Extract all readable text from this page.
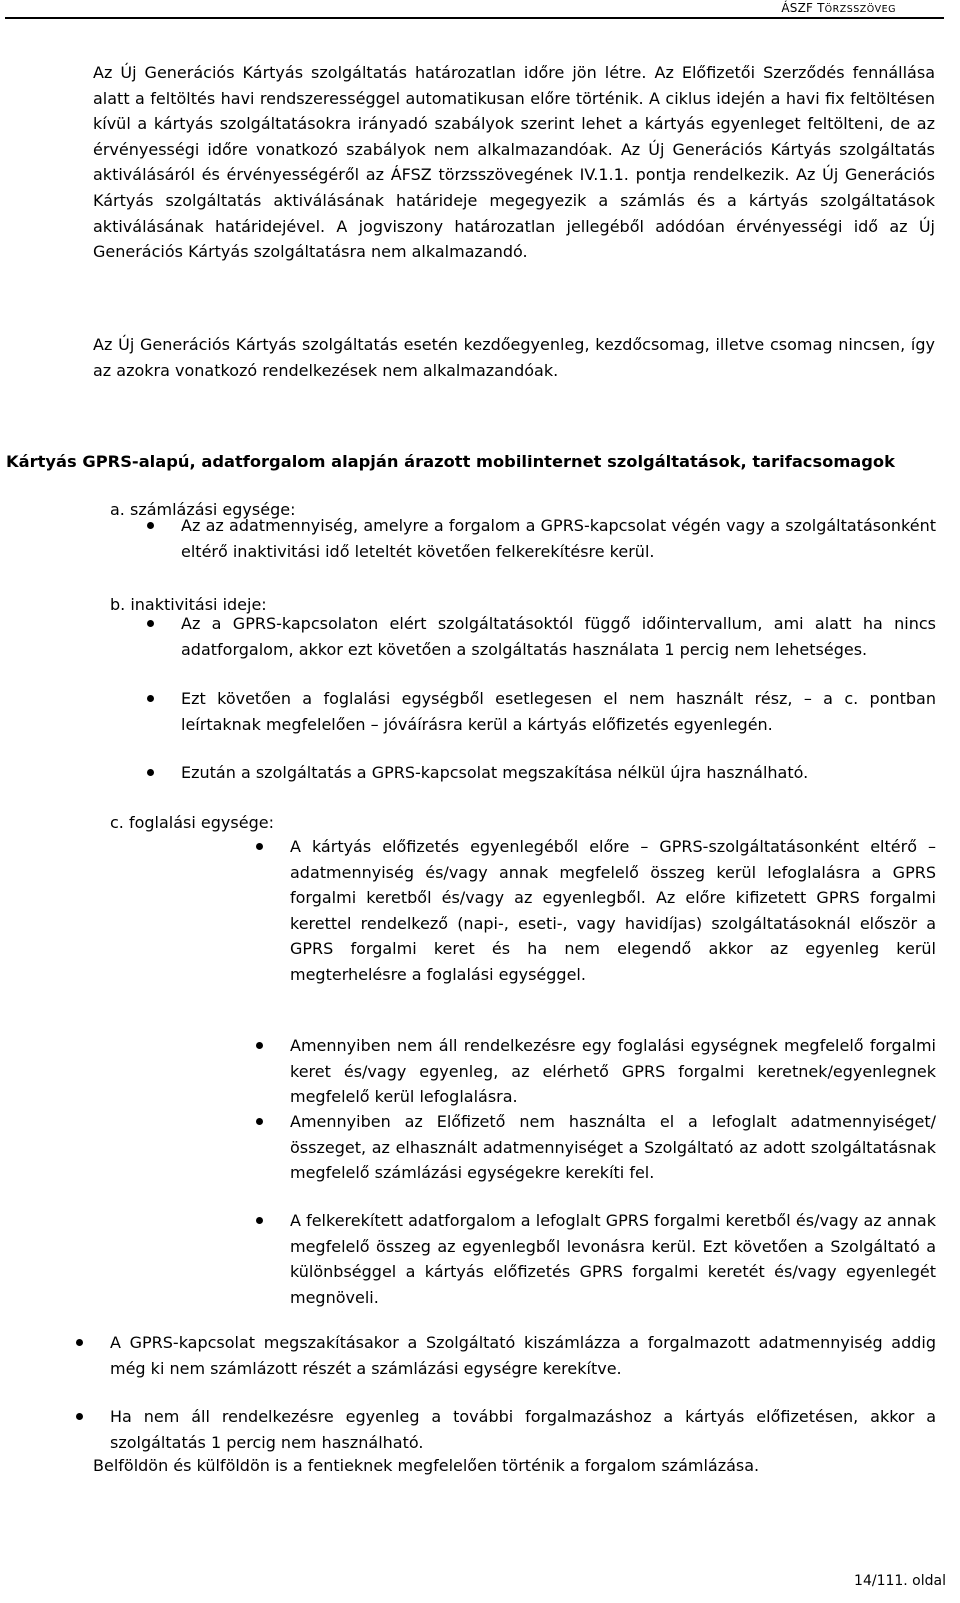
ÁSZF TÖRZSSZÖVEG

Az Új Generációs Kártyás szolgáltatás határozatlan időre jön létre. Az Előfizetői Szerződés fennállása alatt a feltöltés havi rendszerességgel automatikusan előre történik. A ciklus idején a havi fix feltöltésen kívül a kártyás szolgáltatásokra irányadó szabályok szerint lehet a kártyás egyenleget feltölteni, de az érvényességi időre vonatkozó szabályok nem alkalmazandóak. Az Új Generációs Kártyás szolgáltatás aktiválásáról és érvényességéről az ÁFSZ törzsszövegének IV.1.1. pontja rendelkezik. Az Új Generációs Kártyás szolgáltatás aktiválásának határideje megegyezik a számlás és a kártyás szolgáltatások aktiválásának határidejével. A jogviszony határozatlan jellegéből adódóan érvényességi idő az Új Generációs Kártyás szolgáltatásra nem alkalmazandó.

Az Új Generációs Kártyás szolgáltatás esetén kezdőegyenleg, kezdőcsomag, illetve csomag nincsen, így az azokra vonatkozó rendelkezések nem alkalmazandóak.

Kártyás GPRS-alapú, adatforgalom alapján árazott mobilinternet szolgáltatások, tarifacsomagok

a. számlázási egysége:

Az az adatmennyiség, amelyre a forgalom a GPRS-kapcsolat végén vagy a szolgáltatásonként eltérő inaktivitási idő leteltét követően felkerekítésre kerül.

b. inaktivitási ideje:

Az a GPRS-kapcsolaton elért szolgáltatásoktól függő időintervallum, ami alatt ha nincs adatforgalom, akkor ezt követően a szolgáltatás használata 1 percig nem lehetséges.

Ezt követően a foglalási egységből esetlegesen el nem használt rész, – a c. pontban leírtaknak megfelelően – jóváírásra kerül a kártyás előfizetés egyenlegén.

Ezután a szolgáltatás a GPRS-kapcsolat megszakítása nélkül újra használható.

c. foglalási egysége:

A kártyás előfizetés egyenlegéből előre – GPRS-szolgáltatásonként eltérő – adatmennyiség és/vagy annak megfelelő összeg kerül lefoglalásra a GPRS forgalmi keretből és/vagy az egyenlegből. Az előre kifizetett GPRS forgalmi kerettel rendelkező (napi-, eseti-, vagy havidíjas) szolgáltatásoknál először a GPRS forgalmi keret és ha nem elegendő akkor az egyenleg kerül megterhelésre a foglalási egységgel.

Amennyiben nem áll rendelkezésre egy foglalási egységnek megfelelő forgalmi keret és/vagy egyenleg, az elérhető GPRS forgalmi keretnek/egyenlegnek megfelelő kerül lefoglalásra.

Amennyiben az Előfizető nem használta el a lefoglalt adatmennyiséget/összeget, az elhasznált adatmennyiséget a Szolgáltató az adott szolgáltatásnak megfelelő számlázási egységekre kerekíti fel.

A felkerekített adatforgalom a lefoglalt GPRS forgalmi keretből és/vagy az annak megfelelő összeg az egyenlegből levonásra kerül. Ezt követően a Szolgáltató a különbséggel a kártyás előfizetés GPRS forgalmi keretét és/vagy egyenlegét megnöveli.

A GPRS-kapcsolat megszakításakor a Szolgáltató kiszámlázza a forgalmazott adatmennyiség addig még ki nem számlázott részét a számlázási egységre kerekítve.

Ha nem áll rendelkezésre egyenleg a további forgalmazáshoz a kártyás előfizetésen, akkor a szolgáltatás 1 percig nem használható.

Belföldön és külföldön is a fentieknek megfelelően történik a forgalom számlázása.

14/111. oldal
